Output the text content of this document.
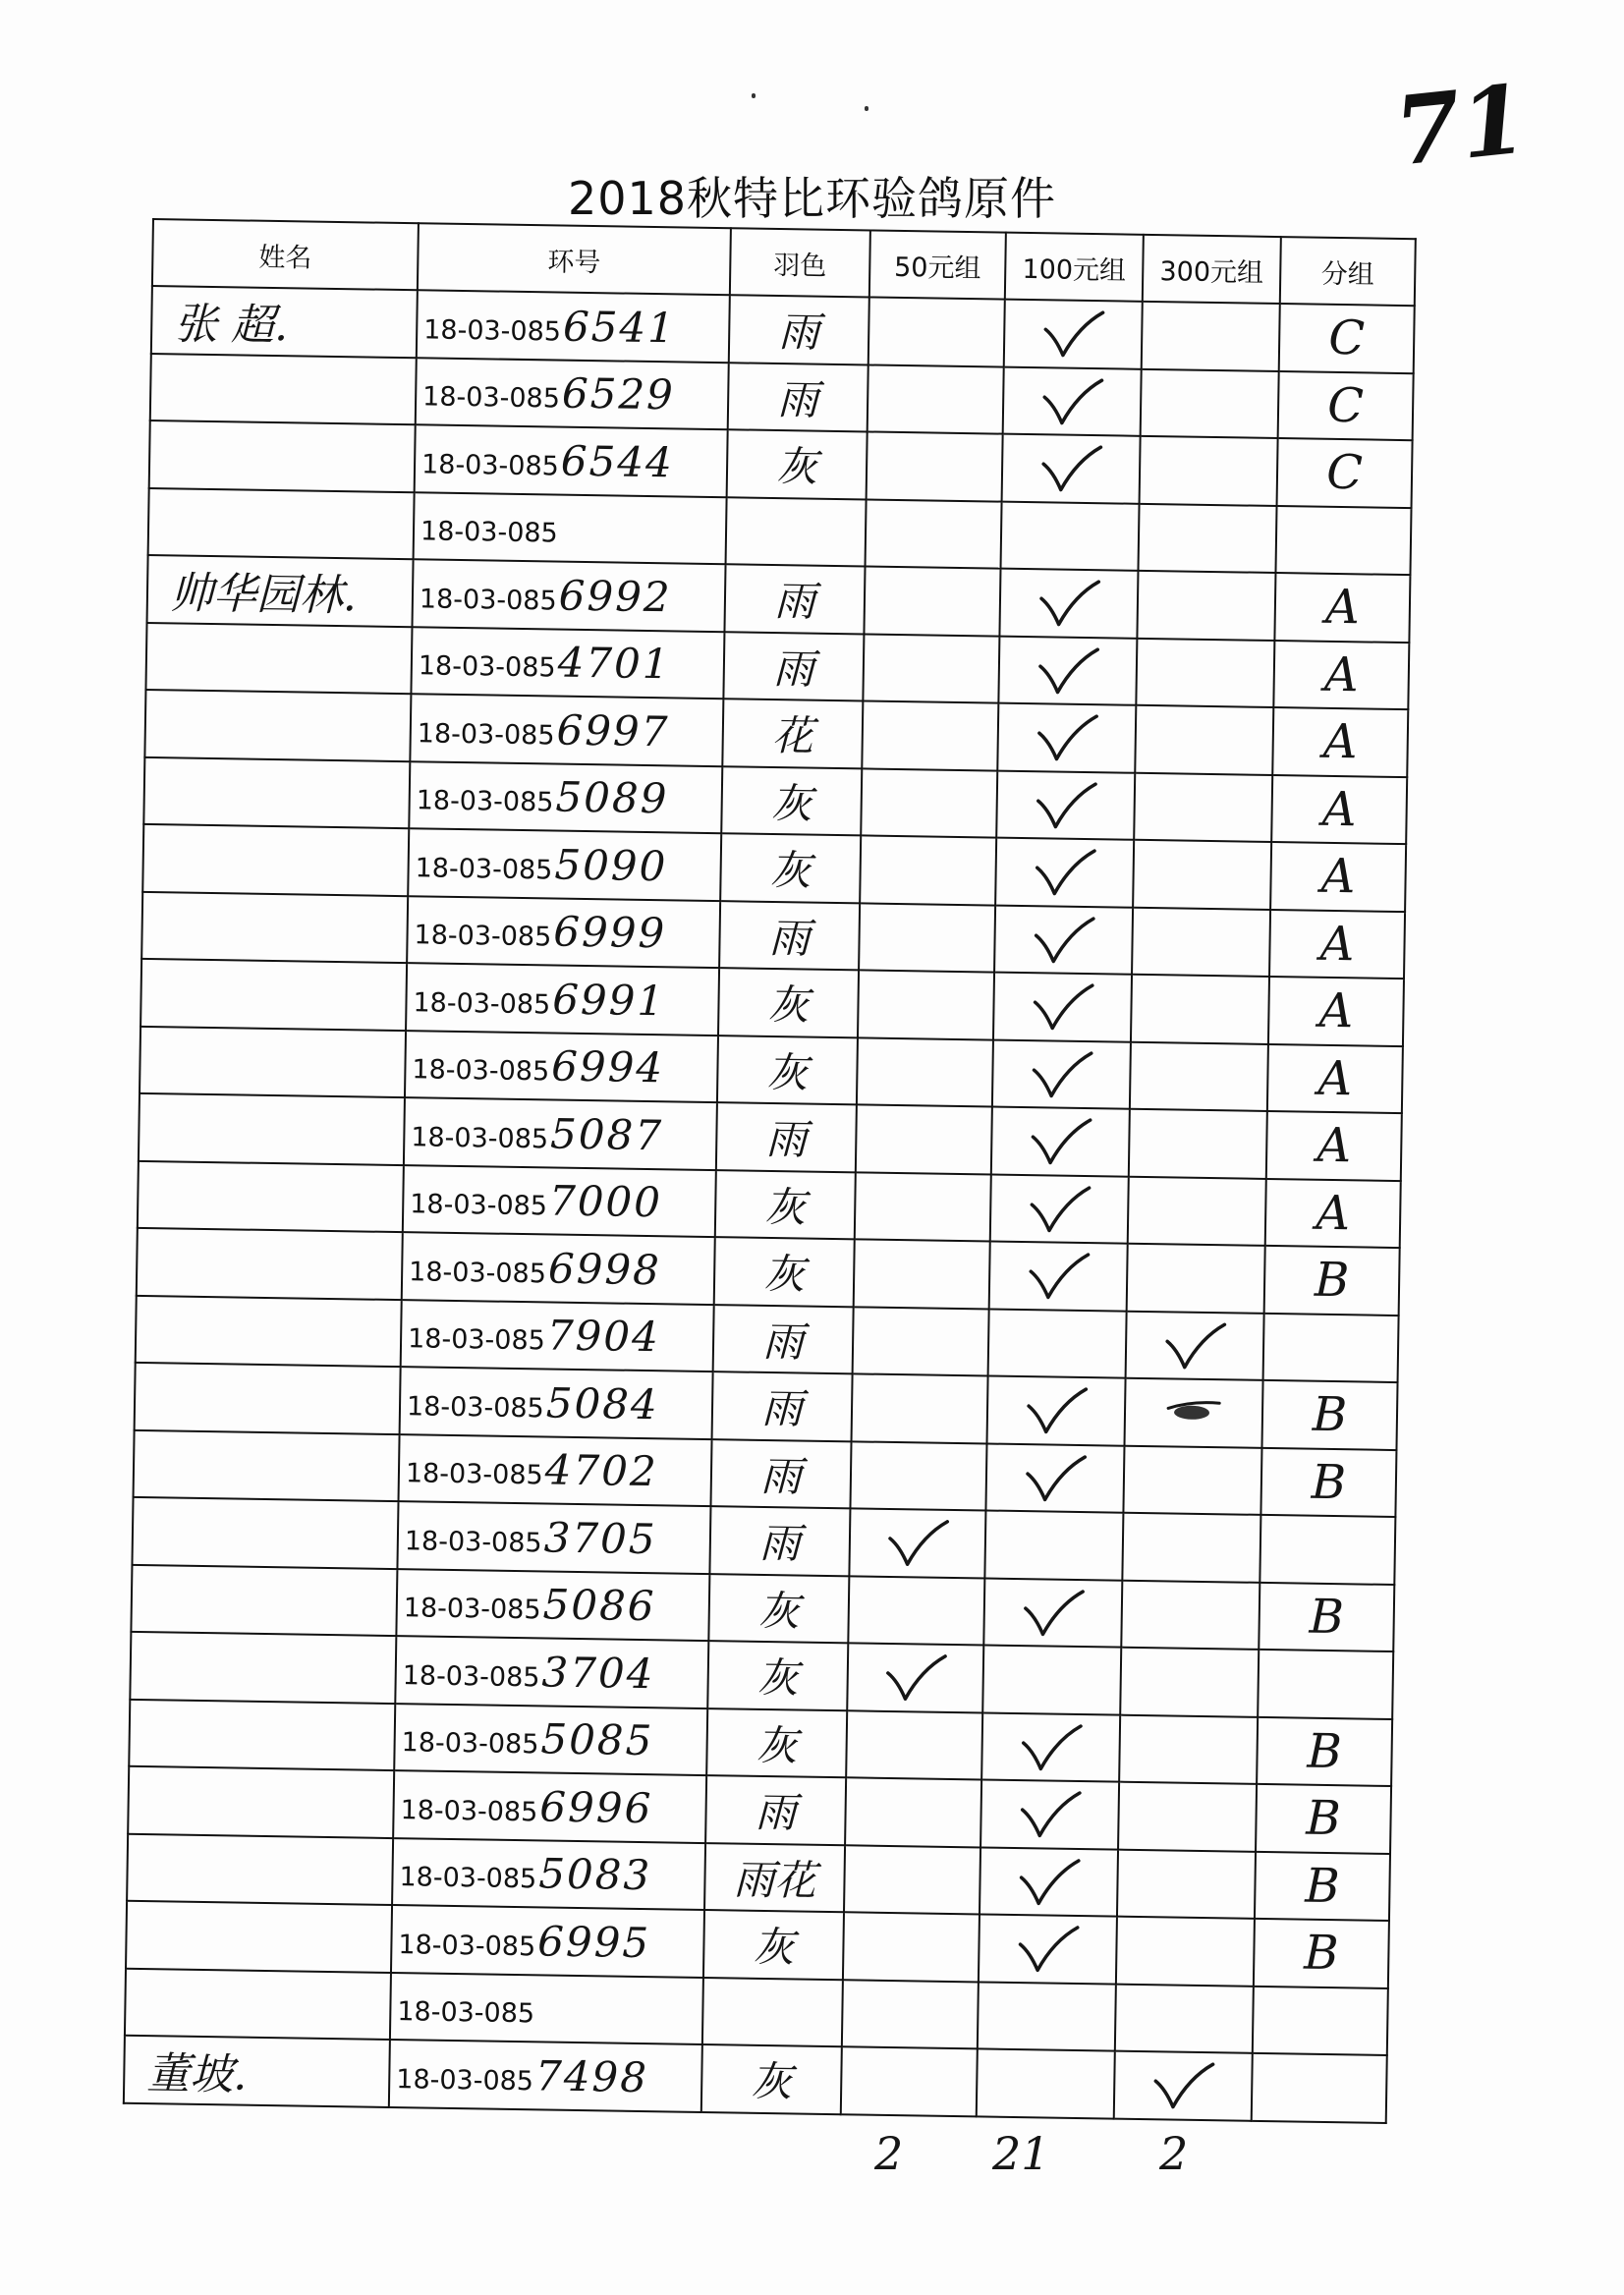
71
2018秋特比环验鸽原件
姓名	环号	羽色	50元组	100元组	300元组	分组
张 超.	18-03-0856541	雨				C
	18-03-0856529	雨				C
	18-03-0856544	灰				C
	18-03-085					
帅华园林.	18-03-0856992	雨				A
	18-03-0854701	雨				A
	18-03-0856997	花				A
	18-03-0855089	灰				A
	18-03-0855090	灰				A
	18-03-0856999	雨				A
	18-03-0856991	灰				A
	18-03-0856994	灰				A
	18-03-0855087	雨				A
	18-03-0857000	灰				A
	18-03-0856998	灰				B
	18-03-0857904	雨				
	18-03-0855084	雨				B
	18-03-0854702	雨				B
	18-03-0853705	雨				
	18-03-0855086	灰				B
	18-03-0853704	灰				
	18-03-0855085	灰				B
	18-03-0856996	雨				B
	18-03-0855083	雨花				B
	18-03-0856995	灰				B
	18-03-085					
董坡.	18-03-0857498	灰				
2 21 2
